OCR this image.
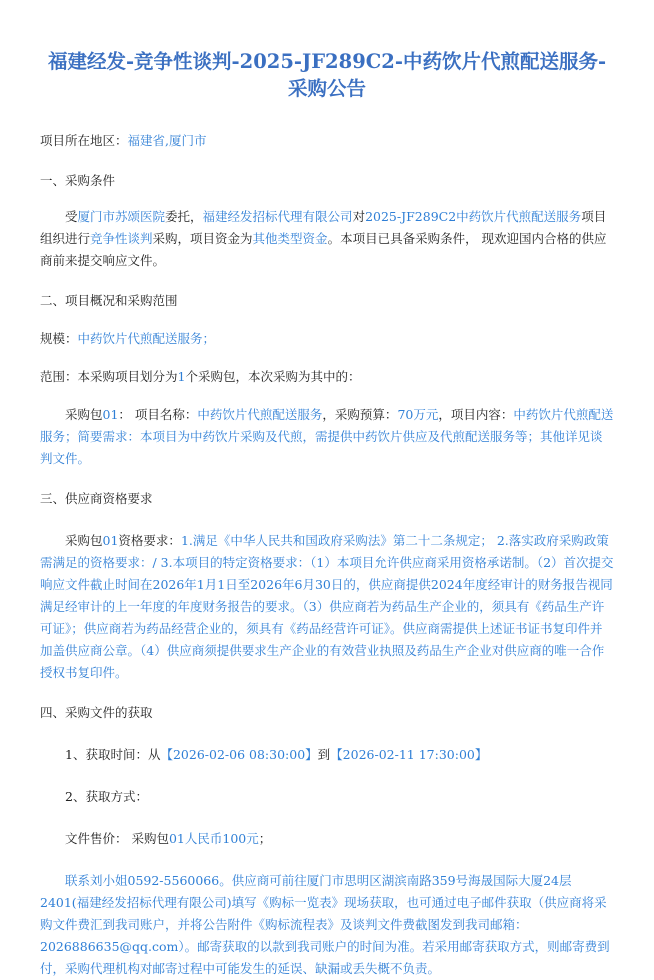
福建经发-竞争性谈判-2025-JF289C2-中药饮片代煎配送服务-采购公告

项目所在地区：福建省,厦门市

一、采购条件

受厦门市苏颂医院委托，福建经发招标代理有限公司对2025-JF289C2中药饮片代煎配送服务项目组织进行竞争性谈判采购，项目资金为其他类型资金。本项目已具备采购条件， 现欢迎国内合格的供应商前来提交响应文件。

二、项目概况和采购范围

规模：中药饮片代煎配送服务；

范围：本采购项目划分为1个采购包，本次采购为其中的：

采购包01： 项目名称：中药饮片代煎配送服务，采购预算：70万元，项目内容：中药饮片代煎配送服务；简要需求：本项目为中药饮片采购及代煎，需提供中药饮片供应及代煎配送服务等；其他详见谈判文件。

三、供应商资格要求

采购包01资格要求：1.满足《中华人民共和国政府采购法》第二十二条规定； 2.落实政府采购政策需满足的资格要求：/ 3.本项目的特定资格要求：（1）本项目允许供应商采用资格承诺制。（2）首次提交响应文件截止时间在2026年1月1日至2026年6月30日的，供应商提供2024年度经审计的财务报告视同满足经审计的上一年度的年度财务报告的要求。（3）供应商若为药品生产企业的，须具有《药品生产许可证》；供应商若为药品经营企业的，须具有《药品经营许可证》。供应商需提供上述证书证书复印件并加盖供应商公章。（4）供应商须提供要求生产企业的有效营业执照及药品生产企业对供应商的唯一合作授权书复印件。

四、采购文件的获取

1、获取时间：从【2026-02-06 08:30:00】到【2026-02-11 17:30:00】

2、获取方式：

文件售价： 采购包01人民币100元；

联系刘小姐0592-5560066。供应商可前往厦门市思明区湖滨南路359号海晟国际大厦24层2401(福建经发招标代理有限公司)填写《购标一览表》现场获取，也可通过电子邮件获取（供应商将采购文件费汇到我司账户，并将公告附件《购标流程表》及谈判文件费截图发到我司邮箱：2026886635@qq.com）。邮寄获取的以款到我司账户的时间为准。若采用邮寄获取方式，则邮寄费到付，采购代理机构对邮寄过程中可能发生的延误、缺漏或丢失概不负责。
